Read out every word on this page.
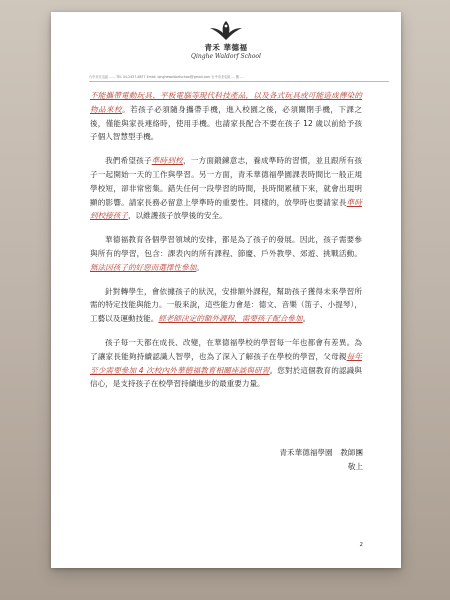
青禾 華德福
Qinghe Waldorf School
台中市北屯區 ...... TEL 04-2437-6877 Email: qinghewaldorfschool@gmail.com 台中市北屯區 ... 號 ...

不能攜帶電動玩具、平板電腦等現代科技產品，以及各式玩具或可能造成傳染的物品來校。若孩子必須隨身攜帶手機，進入校園之後，必須關閉手機，下課之後，僅能與家長連絡時，使用手機。也請家長配合不要在孩子 12 歲以前給予孩子個人智慧型手機。

我們希望孩子準時到校，一方面鍛鍊意志，養成準時的習慣，並且跟所有孩子一起開始一天的工作與學習。另一方面，青禾華德福學園課表時間比一般正規學校短，卻非常密集。錯失任何一段學習的時間，長時間累積下來，就會出現明顯的影響。請家長務必留意上學準時的重要性。同樣的，放學時也要請家長準時到校接孩子，以維護孩子放學後的安全。

華德福教育各個學習領域的安排，都是為了孩子的發展。因此，孩子需要參與所有的學習，包含：課表內的所有課程、節慶、戶外教學、郊遊、挑戰活動。無法因孩子的好惡而選擇性參加。

針對轉學生，會依據孩子的狀況，安排額外課程，幫助孩子獲得未來學習所需的特定技能與能力。一般來說，這些能力會是：德文、音樂（笛子、小提琴），工藝以及運動技能。經老師決定的額外課程，需要孩子配合參加。

孩子每一天都在成長、改變，在華德福學校的學習每一年也都會有差異。為了讓家長能夠持續認識人智學，也為了深入了解孩子在學校的學習，父母親每年至少需要參加 4 次校內外華德福教育相關座談與研習。您對於這個教育的認識與信心，是支持孩子在校學習持續進步的最重要力量。

青禾華德福學園　教師團
敬上
2
